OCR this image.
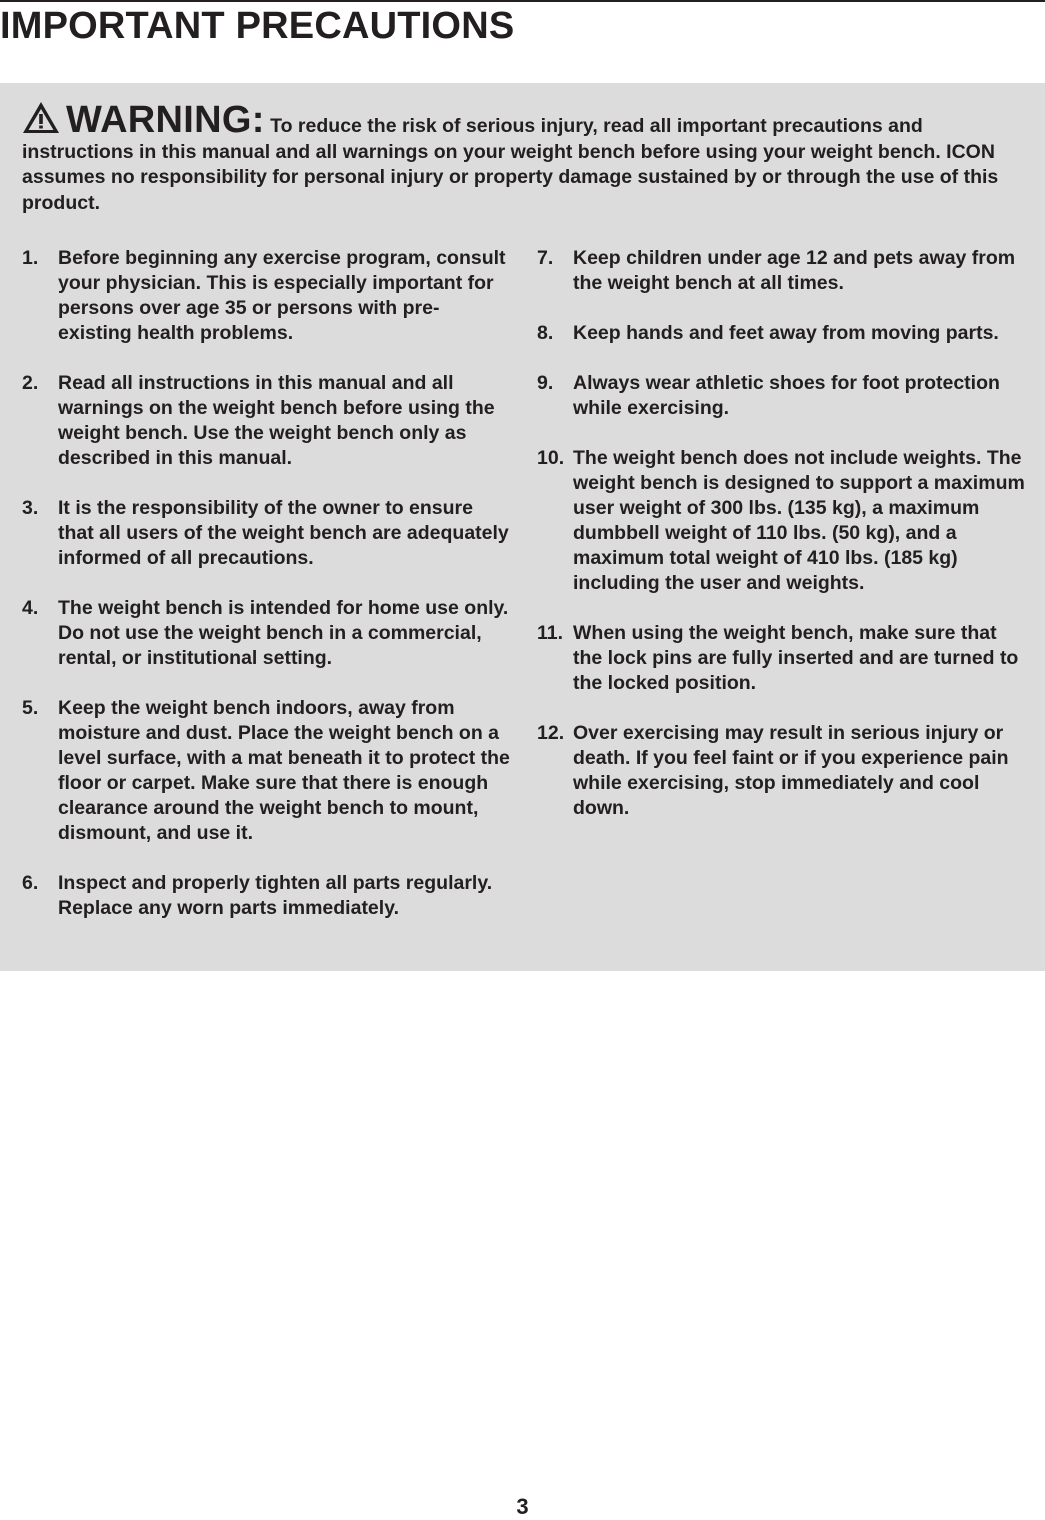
IMPORTANT PRECAUTIONS

WARNING: To reduce the risk of serious injury, read all important precautions and instructions in this manual and all warnings on your weight bench before using your weight bench. ICON assumes no responsibility for personal injury or property damage sustained by or through the use of this product.

1. Before beginning any exercise program, consult your physician. This is especially important for persons over age 35 or persons with pre-existing health problems.
2. Read all instructions in this manual and all warnings on the weight bench before using the weight bench. Use the weight bench only as described in this manual.
3. It is the responsibility of the owner to ensure that all users of the weight bench are adequately informed of all precautions.
4. The weight bench is intended for home use only. Do not use the weight bench in a commercial, rental, or institutional setting.
5. Keep the weight bench indoors, away from moisture and dust. Place the weight bench on a level surface, with a mat beneath it to protect the floor or carpet. Make sure that there is enough clearance around the weight bench to mount, dismount, and use it.
6. Inspect and properly tighten all parts regularly. Replace any worn parts immediately.
7. Keep children under age 12 and pets away from the weight bench at all times.
8. Keep hands and feet away from moving parts.
9. Always wear athletic shoes for foot protection while exercising.
10. The weight bench does not include weights. The weight bench is designed to support a maximum user weight of 300 lbs. (135 kg), a maximum dumbbell weight of 110 lbs. (50 kg), and a maximum total weight of 410 lbs. (185 kg) including the user and weights.
11. When using the weight bench, make sure that the lock pins are fully inserted and are turned to the locked position.
12. Over exercising may result in serious injury or death. If you feel faint or if you experience pain while exercising, stop immediately and cool down.
3
